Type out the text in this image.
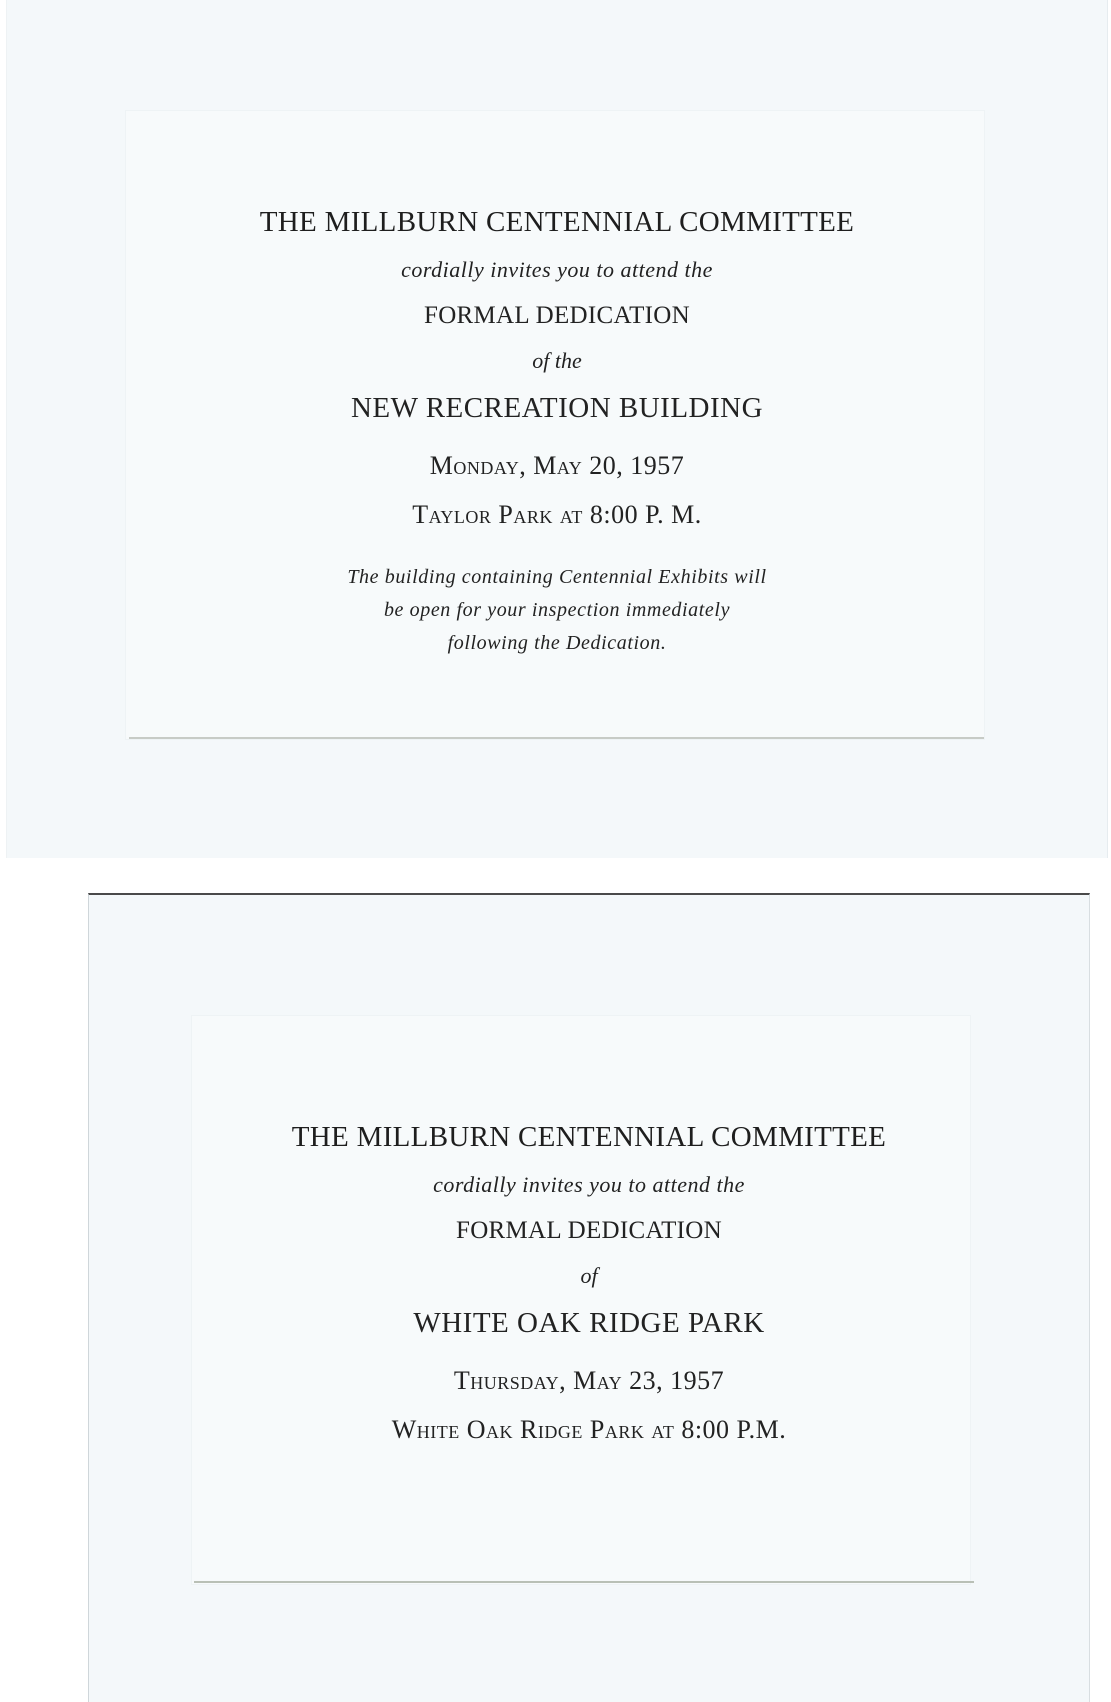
THE MILLBURN CENTENNIAL COMMITTEE
cordially invites you to attend the
FORMAL DEDICATION
of the
NEW RECREATION BUILDING
Monday, May 20, 1957
Taylor Park at 8:00 P. M.
The building containing Centennial Exhibits will
be open for your inspection immediately
following the Dedication.
THE MILLBURN CENTENNIAL COMMITTEE
cordially invites you to attend the
FORMAL DEDICATION
of
WHITE OAK RIDGE PARK
Thursday, May 23, 1957
White Oak Ridge Park at 8:00 P.M.
